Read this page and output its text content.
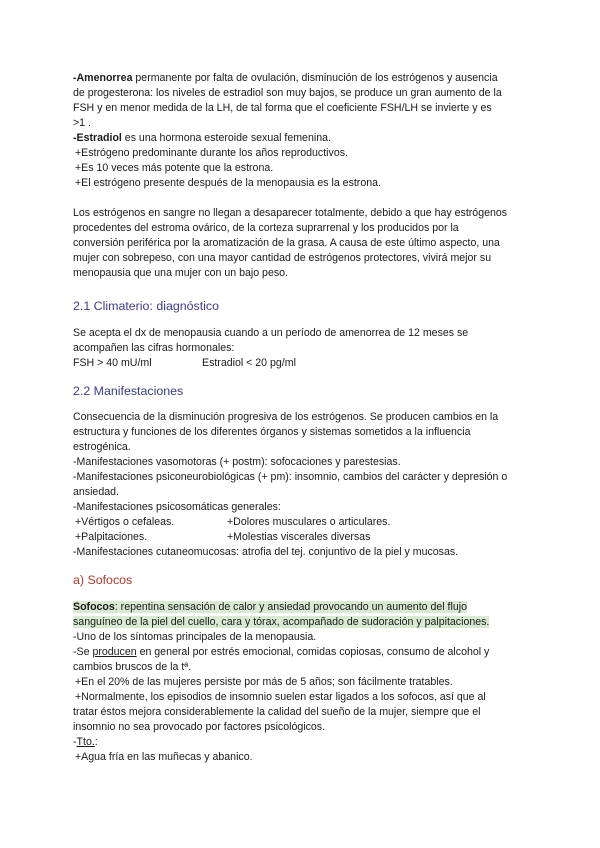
-Amenorrea permanente por falta de ovulación, disminución de los estrógenos y ausencia
de progesterona: los niveles de estradiol son muy bajos, se produce un gran aumento de la
FSH y en menor medida de la LH, de tal forma que el coeficiente FSH/LH se invierte y es
>1 .
-Estradiol es una hormona esteroide sexual femenina.
+Estrógeno predominante durante los años reproductivos.
+Es 10 veces más potente que la estrona.
+El estrógeno presente después de la menopausia es la estrona.
Los estrógenos en sangre no llegan a desaparecer totalmente, debido a que hay estrógenos
procedentes del estroma ovárico, de la corteza suprarrenal y los producidos por la
conversión periférica por la aromatización de la grasa. A causa de este último aspecto, una
mujer con sobrepeso, con una mayor cantidad de estrógenos protectores, vivirá mejor su
menopausia que una mujer con un bajo peso.
2.1 Climaterio: diagnóstico
Se acepta el dx de menopausia cuando a un período de amenorrea de 12 meses se
acompañen las cifras hormonales:
FSH > 40 mU/ml	Estradiol < 20 pg/ml
2.2 Manifestaciones
Consecuencia de la disminución progresiva de los estrógenos. Se producen cambios en la
estructura y funciones de los diferentes órganos y sistemas sometidos a la influencia
estrogénica.
-Manifestaciones vasomotoras (+ postm): sofocaciones y parestesias.
-Manifestaciones psiconeurobiológicas (+ pm): insomnio, cambios del carácter y depresión o
ansiedad.
-Manifestaciones psicosomáticas generales:
+Vértigos o cefaleas.	+Dolores musculares o articulares.
+Palpitaciones.	+Molestias viscerales diversas
-Manifestaciones cutaneomucosas: atrofia del tej. conjuntivo de la piel y mucosas.
a) Sofocos
Sofocos: repentina sensación de calor y ansiedad provocando un aumento del flujo
sanguíneo de la piel del cuello, cara y tórax, acompañado de sudoración y palpitaciones.
-Uno de los síntomas principales de la menopausia.
-Se producen en general por estrés emocional, comidas copiosas, consumo de alcohol y
cambios bruscos de la tª.
+En el 20% de las mujeres persiste por más de 5 años; son fácilmente tratables.
+Normalmente, los episodios de insomnio suelen estar ligados a los sofocos, así que al
tratar éstos mejora considerablemente la calidad del sueño de la mujer, siempre que el
insomnio no sea provocado por factores psicológicos.
-Tto.:
+Agua fría en las muñecas y abanico.
